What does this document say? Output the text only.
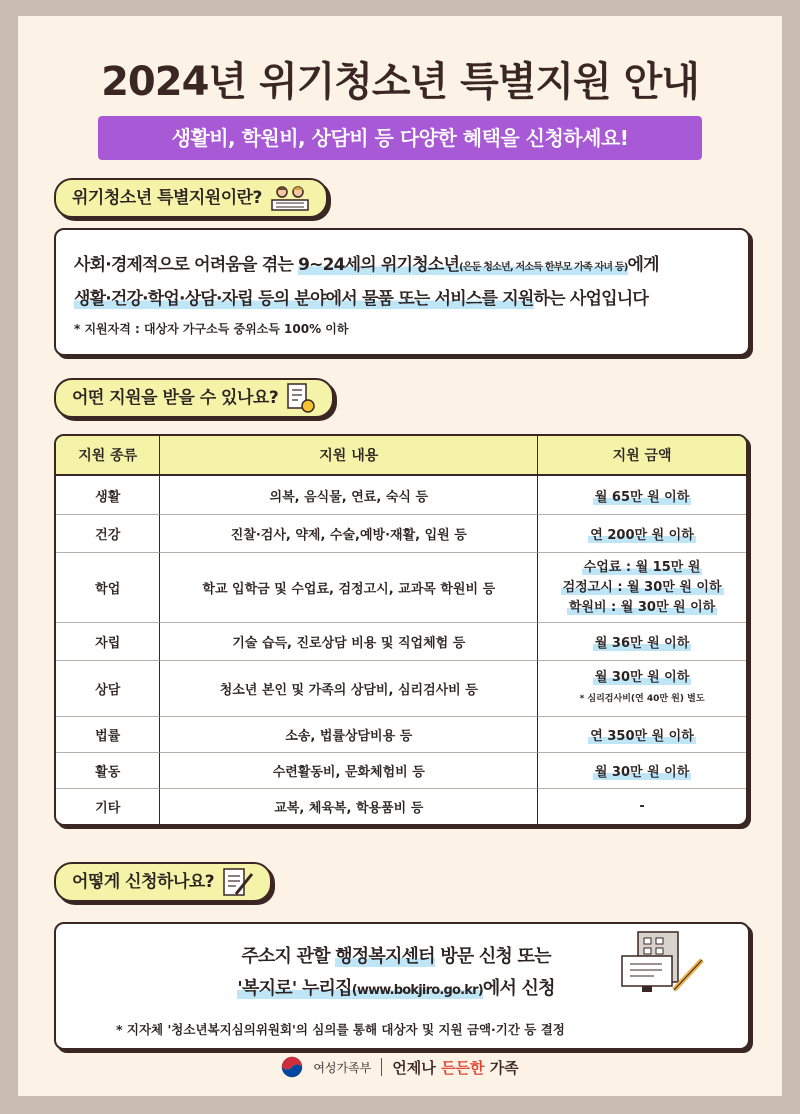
2024년 위기청소년 특별지원 안내
생활비, 학원비, 상담비 등 다양한 혜택을 신청하세요!
위기청소년 특별지원이란?
사회·경제적으로 어려움을 겪는 9~24세의 위기청소년(은둔 청소년, 저소득 한부모 가족 자녀 등)에게
생활·건강·학업·상담·자립 등의 분야에서 물품 또는 서비스를 지원하는 사업입니다
* 지원자격 : 대상자 가구소득 중위소득 100% 이하
어떤 지원을 받을 수 있나요?
지원 종류	지원 내용	지원 금액
생활	의복, 음식물, 연료, 숙식 등	월 65만 원 이하
건강	진찰·검사, 약제, 수술,예방·재활, 입원 등	연 200만 원 이하
학업	학교 입학금 및 수업료, 검정고시, 교과목 학원비 등	수업료 : 월 15만 원
검정고시 : 월 30만 원 이하
학원비 : 월 30만 원 이하
자립	기술 습득, 진로상담 비용 및 직업체험 등	월 36만 원 이하
상담	청소년 본인 및 가족의 상담비, 심리검사비 등	월 30만 원 이하
* 심리검사비(연 40만 원) 별도
법률	소송, 법률상담비용 등	연 350만 원 이하
활동	수련활동비, 문화체험비 등	월 30만 원 이하
기타	교복, 체육복, 학용품비 등	-
어떻게 신청하나요?
주소지 관할 행정복지센터 방문 신청 또는
'복지로' 누리집(www.bokjiro.go.kr)에서 신청
* 지자체 '청소년복지심의위원회'의 심의를 통해 대상자 및 지원 금액·기간 등 결정
여성가족부 언제나 든든한 가족
